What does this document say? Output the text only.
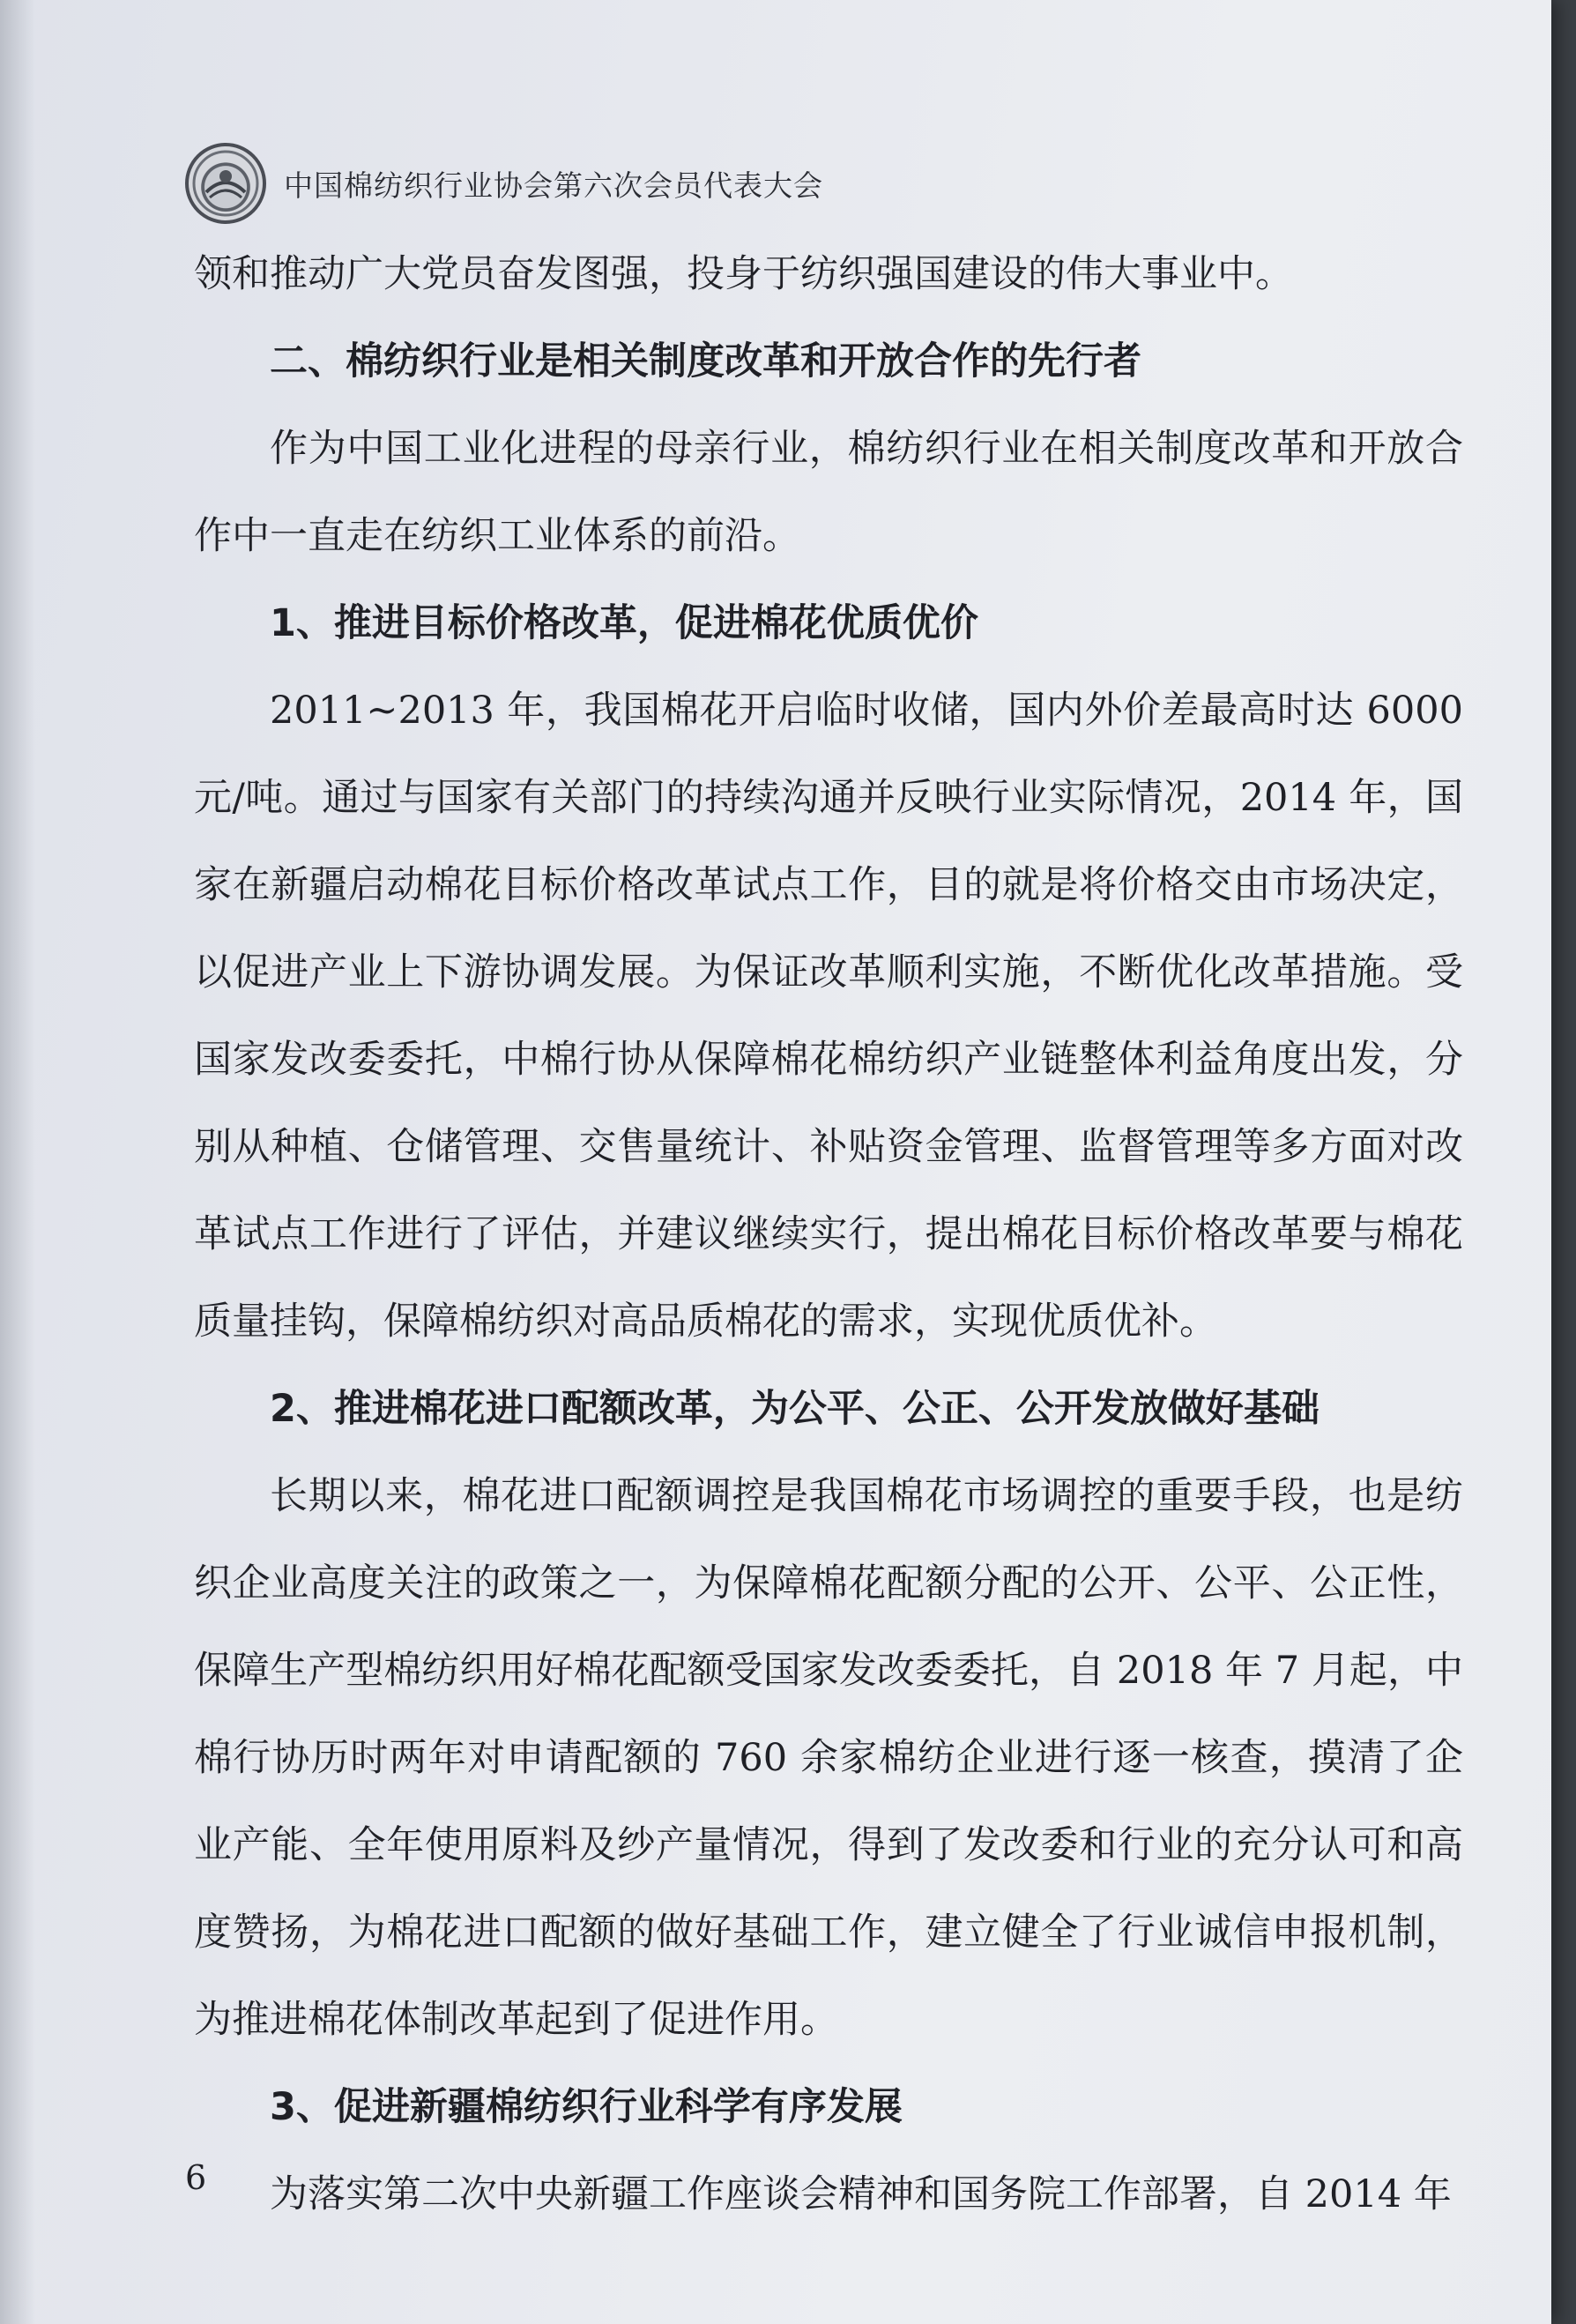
中国棉纺织行业协会第六次会员代表大会

领和推动广大党员奋发图强，投身于纺织强国建设的伟大事业中。

二、棉纺织行业是相关制度改革和开放合作的先行者

作为中国工业化进程的母亲行业，棉纺织行业在相关制度改革和开放合作中一直走在纺织工业体系的前沿。

1、推进目标价格改革，促进棉花优质优价

2011~2013 年，我国棉花开启临时收储，国内外价差最高时达 6000 元/吨。通过与国家有关部门的持续沟通并反映行业实际情况，2014 年，国家在新疆启动棉花目标价格改革试点工作，目的就是将价格交由市场决定，以促进产业上下游协调发展。为保证改革顺利实施，不断优化改革措施。受国家发改委委托，中棉行协从保障棉花棉纺织产业链整体利益角度出发，分别从种植、仓储管理、交售量统计、补贴资金管理、监督管理等多方面对改革试点工作进行了评估，并建议继续实行，提出棉花目标价格改革要与棉花质量挂钩，保障棉纺织对高品质棉花的需求，实现优质优补。

2、推进棉花进口配额改革，为公平、公正、公开发放做好基础

长期以来，棉花进口配额调控是我国棉花市场调控的重要手段，也是纺织企业高度关注的政策之一，为保障棉花配额分配的公开、公平、公正性，保障生产型棉纺织用好棉花配额受国家发改委委托，自 2018 年 7 月起，中棉行协历时两年对申请配额的 760 余家棉纺企业进行逐一核查，摸清了企业产能、全年使用原料及纱产量情况，得到了发改委和行业的充分认可和高度赞扬，为棉花进口配额的做好基础工作，建立健全了行业诚信申报机制，为推进棉花体制改革起到了促进作用。

3、促进新疆棉纺织行业科学有序发展

为落实第二次中央新疆工作座谈会精神和国务院工作部署，自 2014 年

6
